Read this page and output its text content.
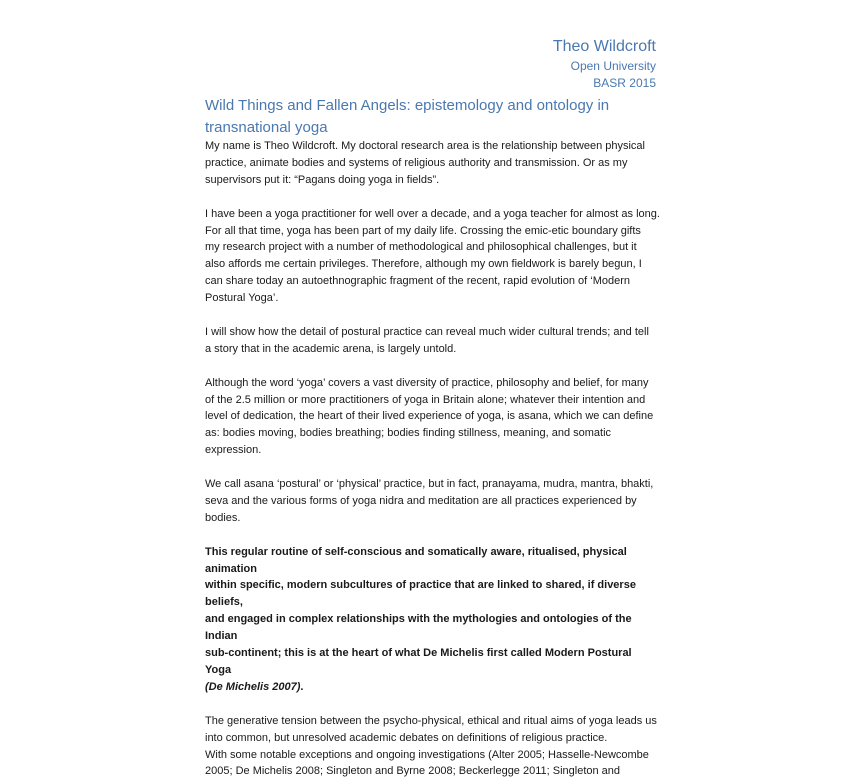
Theo Wildcroft
Open University
BASR 2015
Wild Things and Fallen Angels: epistemology and ontology in transnational yoga

My name is Theo Wildcroft. My doctoral research area is the relationship between physical
practice, animate bodies and systems of religious authority and transmission. Or as my
supervisors put it: “Pagans doing yoga in fields”.

I have been a yoga practitioner for well over a decade, and a yoga teacher for almost as long.
For all that time, yoga has been part of my daily life. Crossing the emic-etic boundary gifts
my research project with a number of methodological and philosophical challenges, but it
also affords me certain privileges. Therefore, although my own fieldwork is barely begun, I
can share today an autoethnographic fragment of the recent, rapid evolution of ‘Modern
Postural Yoga’.

I will show how the detail of postural practice can reveal much wider cultural trends; and tell
a story that in the academic arena, is largely untold.

Although the word ‘yoga’ covers a vast diversity of practice, philosophy and belief, for many
of the 2.5 million or more practitioners of yoga in Britain alone; whatever their intention and
level of dedication, the heart of their lived experience of yoga, is asana, which we can define
as: bodies moving, bodies breathing; bodies finding stillness, meaning, and somatic
expression.

We call asana ‘postural’ or ‘physical’ practice, but in fact, pranayama, mudra, mantra, bhakti,
seva and the various forms of yoga nidra and meditation are all practices experienced by
bodies.

This regular routine of self-conscious and somatically aware, ritualised, physical animation
within specific, modern subcultures of practice that are linked to shared, if diverse beliefs,
and engaged in complex relationships with the mythologies and ontologies of the Indian
sub-continent; this is at the heart of what De Michelis first called Modern Postural Yoga
(De Michelis 2007).

The generative tension between the psycho-physical, ethical and ritual aims of yoga leads us
into common, but unresolved academic debates on definitions of religious practice.

With some notable exceptions and ongoing investigations (Alter 2005; Hasselle-Newcombe
2005; De Michelis 2008; Singleton and Byrne 2008; Beckerlegge 2011; Singleton and
